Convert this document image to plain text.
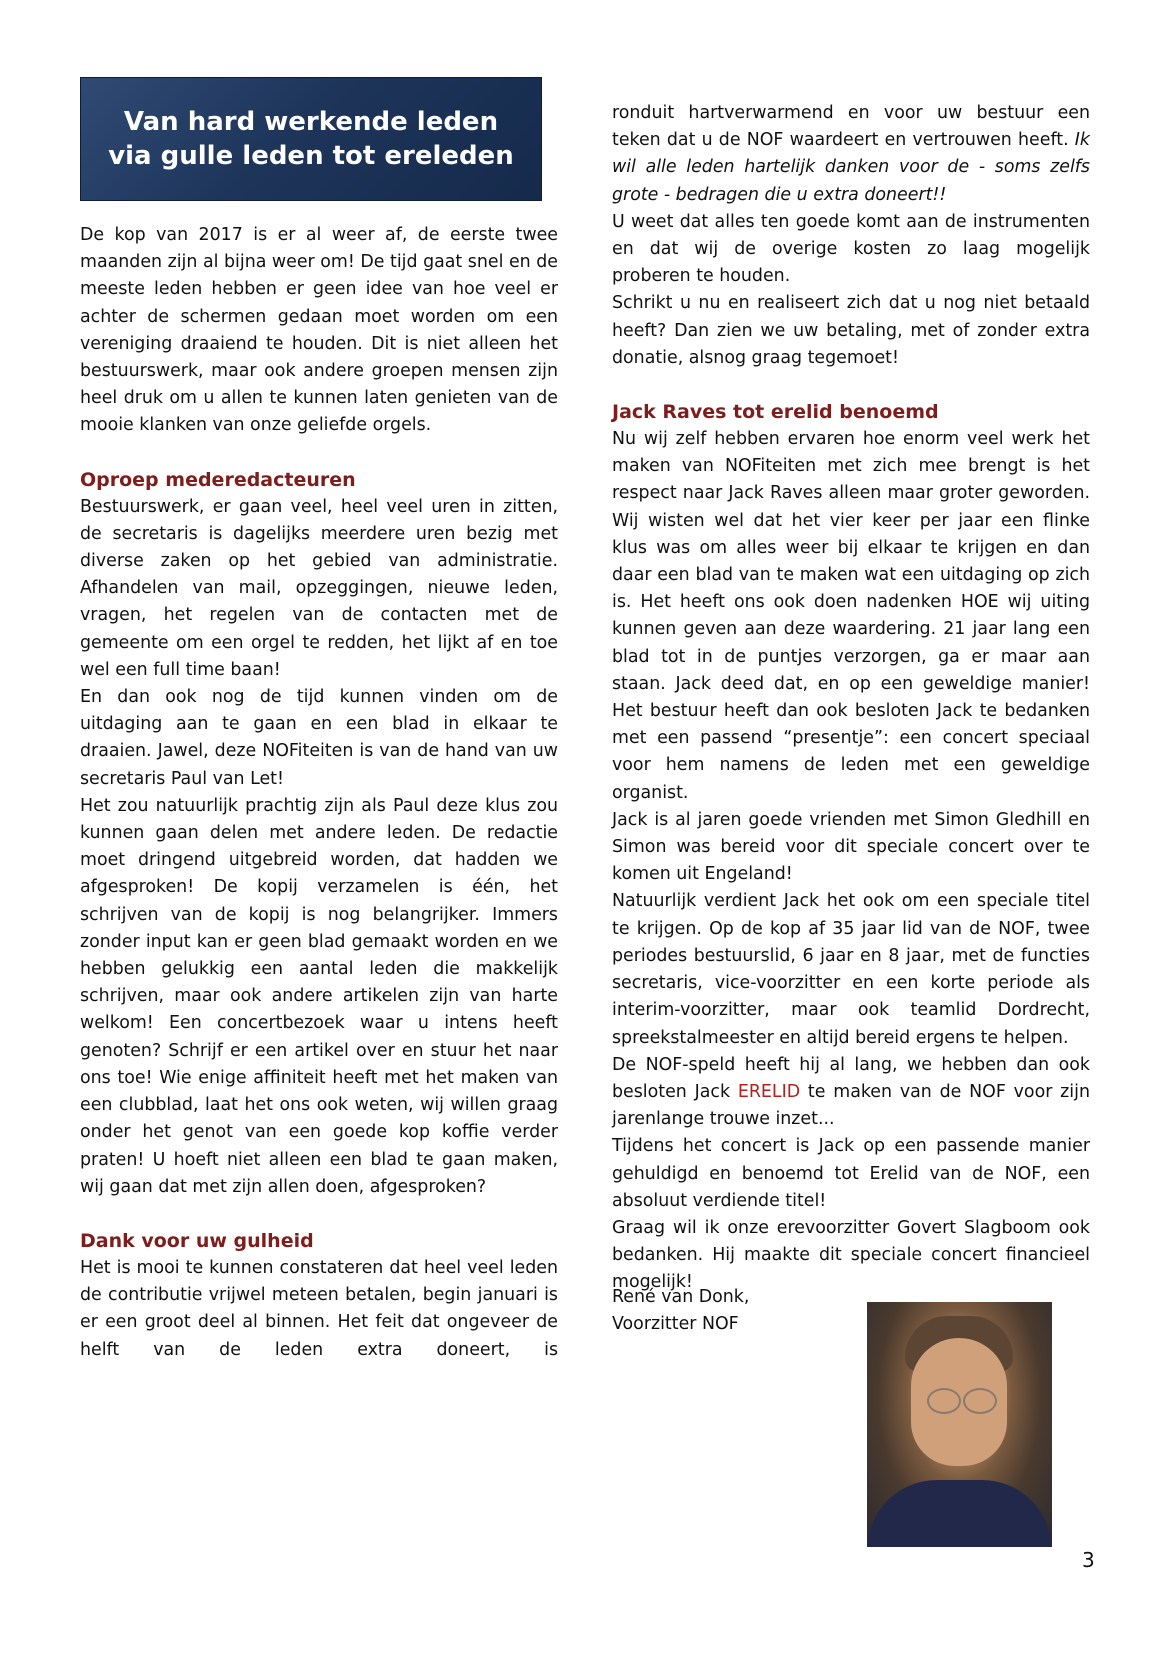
Van hard werkende leden via gulle leden tot ereleden

De kop van 2017 is er al weer af, de eerste twee maanden zijn al bijna weer om! De tijd gaat snel en de meeste leden hebben er geen idee van hoe veel er achter de schermen gedaan moet worden om een vereniging draaiend te houden. Dit is niet alleen het bestuurswerk, maar ook andere groepen mensen zijn heel druk om u allen te kunnen laten genieten van de mooie klanken van onze geliefde orgels.

Oproep mederedacteuren

Bestuurswerk, er gaan veel, heel veel uren in zitten, de secretaris is dagelijks meerdere uren bezig met diverse zaken op het gebied van administratie. Afhandelen van mail, opzeggingen, nieuwe leden, vragen, het regelen van de contacten met de gemeente om een orgel te redden, het lijkt af en toe wel een full time baan!

En dan ook nog de tijd kunnen vinden om de uitdaging aan te gaan en een blad in elkaar te draaien. Jawel, deze NOFiteiten is van de hand van uw secretaris Paul van Let!

Het zou natuurlijk prachtig zijn als Paul deze klus zou kunnen gaan delen met andere leden. De redactie moet dringend uitgebreid worden, dat hadden we afgesproken! De kopij verzamelen is één, het schrijven van de kopij is nog belangrijker. Immers zonder input kan er geen blad gemaakt worden en we hebben gelukkig een aantal leden die makkelijk schrijven, maar ook andere artikelen zijn van harte welkom! Een concertbezoek waar u intens heeft genoten? Schrijf er een artikel over en stuur het naar ons toe! Wie enige affiniteit heeft met het maken van een clubblad, laat het ons ook weten, wij willen graag onder het genot van een goede kop koffie verder praten! U hoeft niet alleen een blad te gaan maken, wij gaan dat met zijn allen doen, afgesproken?

Dank voor uw gulheid

Het is mooi te kunnen constateren dat heel veel leden de contributie vrijwel meteen betalen, begin januari is er een groot deel al binnen. Het feit dat ongeveer de helft van de leden extra doneert, is

ronduit hartverwarmend en voor uw bestuur een teken dat u de NOF waardeert en vertrouwen heeft. Ik wil alle leden hartelijk danken voor de - soms zelfs grote - bedragen die u extra doneert!!

U weet dat alles ten goede komt aan de instrumenten en dat wij de overige kosten zo laag mogelijk proberen te houden.

Schrikt u nu en realiseert zich dat u nog niet betaald heeft? Dan zien we uw betaling, met of zonder extra donatie, alsnog graag tegemoet!

Jack Raves tot erelid benoemd

Nu wij zelf hebben ervaren hoe enorm veel werk het maken van NOFiteiten met zich mee brengt is het respect naar Jack Raves alleen maar groter geworden. Wij wisten wel dat het vier keer per jaar een flinke klus was om alles weer bij elkaar te krijgen en dan daar een blad van te maken wat een uitdaging op zich is. Het heeft ons ook doen nadenken HOE wij uiting kunnen geven aan deze waardering. 21 jaar lang een blad tot in de puntjes verzorgen, ga er maar aan staan. Jack deed dat, en op een geweldige manier! Het bestuur heeft dan ook besloten Jack te bedanken met een passend “presentje”: een concert speciaal voor hem namens de leden met een geweldige organist.

Jack is al jaren goede vrienden met Simon Gledhill en Simon was bereid voor dit speciale concert over te komen uit Engeland!

Natuurlijk verdient Jack het ook om een speciale titel te krijgen. Op de kop af 35 jaar lid van de NOF, twee periodes bestuurslid, 6 jaar en 8 jaar, met de functies secretaris, vice-voorzitter en een korte periode als interim-voorzitter, maar ook teamlid Dordrecht, spreekstalmeester en altijd bereid ergens te helpen.

De NOF-speld heeft hij al lang, we hebben dan ook besloten Jack ERELID te maken van de NOF voor zijn jarenlange trouwe inzet...

Tijdens het concert is Jack op een passende manier gehuldigd en benoemd tot Erelid van de NOF, een absoluut verdiende titel!

Graag wil ik onze erevoorzitter Govert Slagboom ook bedanken. Hij maakte dit speciale concert financieel mogelijk!

René van Donk,

Voorzitter NOF

3
